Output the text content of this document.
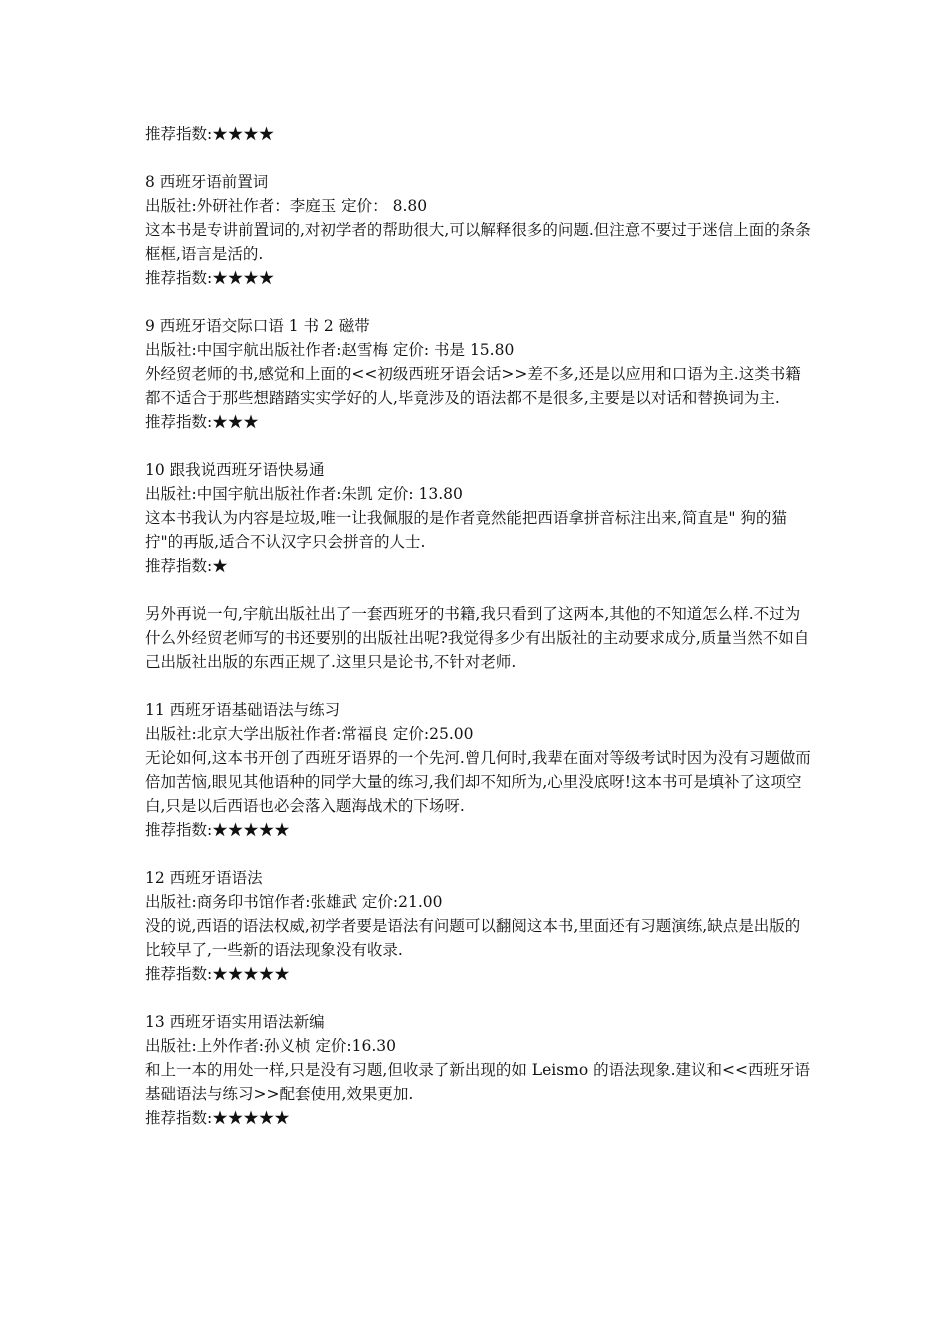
推荐指数:★★★★

8 西班牙语前置词

出版社:外研社作者：李庭玉 定价： 8.80

这本书是专讲前置词的,对初学者的帮助很大,可以解释很多的问题.但注意不要过于迷信上面的条条框框,语言是活的.

推荐指数:★★★★

9 西班牙语交际口语 1 书 2 磁带

出版社:中国宇航出版社作者:赵雪梅 定价: 书是 15.80

外经贸老师的书,感觉和上面的<<初级西班牙语会话>>差不多,还是以应用和口语为主.这类书籍都不适合于那些想踏踏实实学好的人,毕竟涉及的语法都不是很多,主要是以对话和替换词为主.

推荐指数:★★★

10 跟我说西班牙语快易通

出版社:中国宇航出版社作者:朱凯 定价: 13.80

这本书我认为内容是垃圾,唯一让我佩服的是作者竟然能把西语拿拼音标注出来,简直是" 狗的猫拧"的再版,适合不认汉字只会拼音的人士.

推荐指数:★

另外再说一句,宇航出版社出了一套西班牙的书籍,我只看到了这两本,其他的不知道怎么样.不过为什么外经贸老师写的书还要别的出版社出呢?我觉得多少有出版社的主动要求成分,质量当然不如自己出版社出版的东西正规了.这里只是论书,不针对老师.

11 西班牙语基础语法与练习

出版社:北京大学出版社作者:常福良 定价:25.00

无论如何,这本书开创了西班牙语界的一个先河.曾几何时,我辈在面对等级考试时因为没有习题做而倍加苦恼,眼见其他语种的同学大量的练习,我们却不知所为,心里没底呀!这本书可是填补了这项空白,只是以后西语也必会落入题海战术的下场呀.

推荐指数:★★★★★

12 西班牙语语法

出版社:商务印书馆作者:张雄武 定价:21.00

没的说,西语的语法权威,初学者要是语法有问题可以翻阅这本书,里面还有习题演练,缺点是出版的比较早了,一些新的语法现象没有收录.

推荐指数:★★★★★

13 西班牙语实用语法新编

出版社:上外作者:孙义桢 定价:16.30

和上一本的用处一样,只是没有习题,但收录了新出现的如 Leismo 的语法现象.建议和<<西班牙语基础语法与练习>>配套使用,效果更加.

推荐指数:★★★★★
